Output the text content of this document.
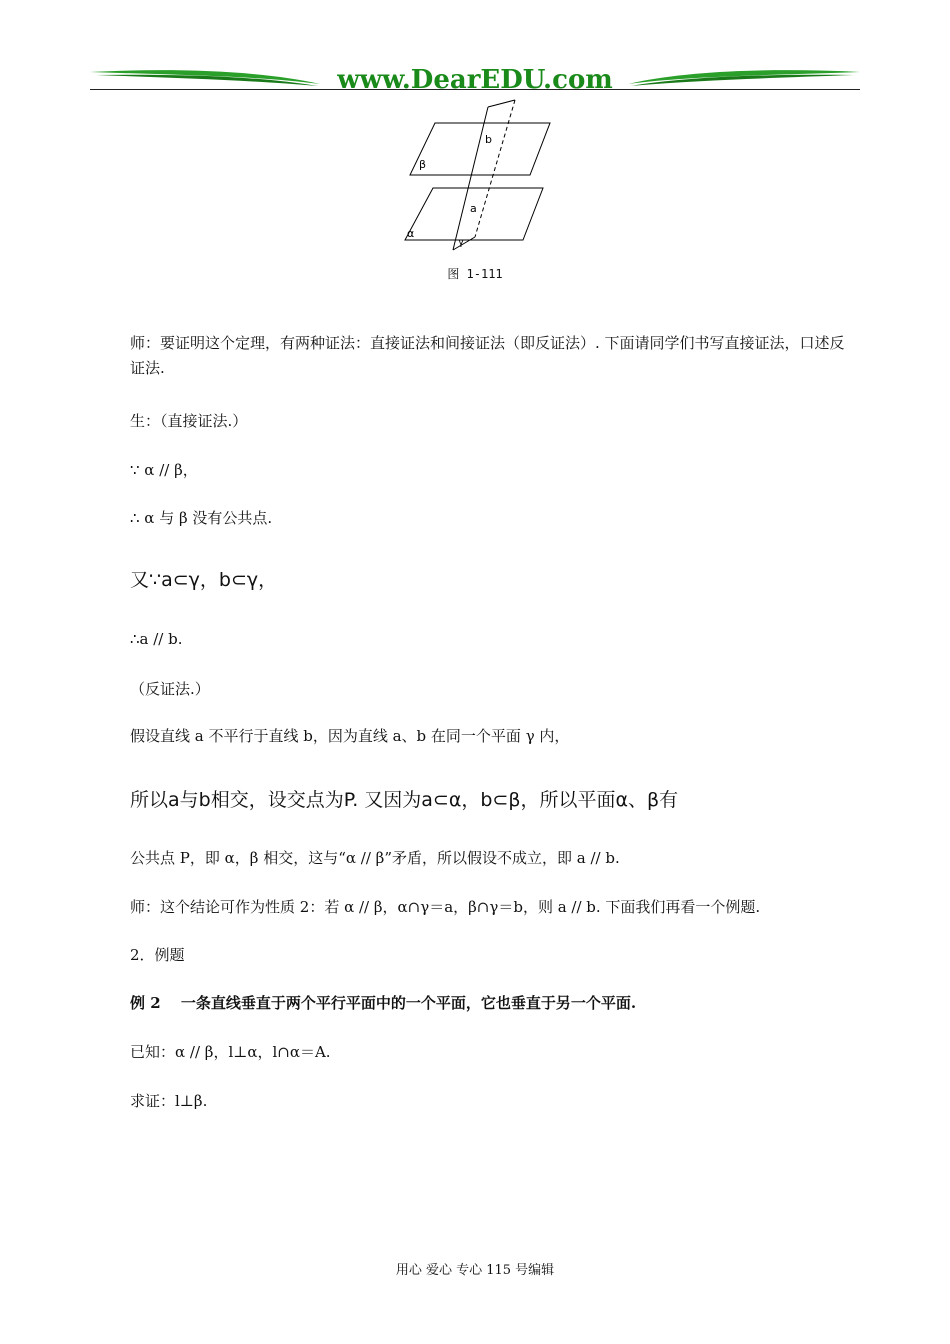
www.DearEDU.com
β
b
a
α
γ
图 1-111
师：要证明这个定理，有两种证法：直接证法和间接证法（即反证法）. 下面请同学们书写直接证法，口述反证法.
生：（直接证法.）
∵ α // β，
∴ α 与 β 没有公共点.
又∵a⊂γ，b⊂γ，
∴a // b.
（反证法.）
假设直线 a 不平行于直线 b，因为直线 a、b 在同一个平面 γ 内，
所以a与b相交，设交点为P. 又因为a⊂α，b⊂β，所以平面α、β有
公共点 P，即 α，β 相交，这与“α // β”矛盾，所以假设不成立，即 a // b.
师：这个结论可作为性质 2：若 α // β，α∩γ＝a，β∩γ＝b，则 a // b. 下面我们再看一个例题.
2．例题
例 2　 一条直线垂直于两个平行平面中的一个平面，它也垂直于另一个平面.
已知：α // β，l⊥α，l∩α＝A.
求证：l⊥β.
用心 爱心 专心 115 号编辑
